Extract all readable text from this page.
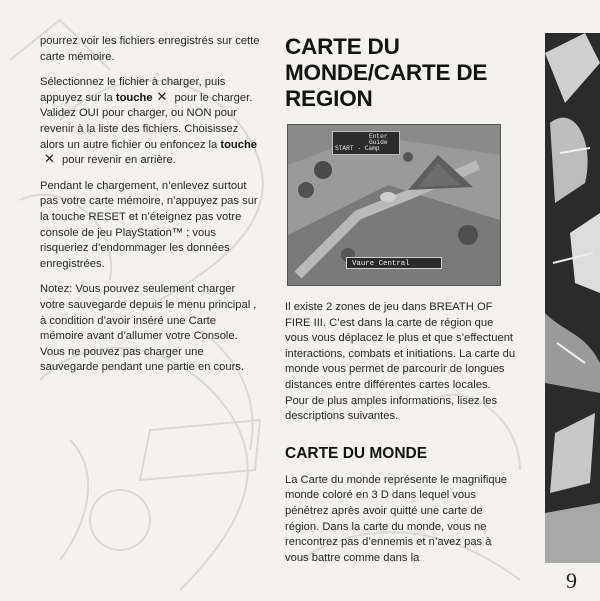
pourrez voir les fichiers enregistrés sur cette carte mémoire.

Sélectionnez le fichier à charger, puis appuyez sur la touche ✕ pour le charger. Validez OUI pour charger, ou NON pour revenir à la liste des fichiers. Choisissez alors un autre fichier ou enfoncez la touche✕ pour revenir en arrière.

Pendant le chargement, n’enlevez surtout pas votre carte mémoire, n’appuyez pas sur la touche RESET et n’éteignez pas votre console de jeu PlayStation™ : vous risqueriez d’endommager les données enregistrées.

Notez: Vous pouvez seulement charger votre sauvegarde depuis le menu principal , à condition d’avoir inséré une Carte mémoire avant d’allumer votre Console. Vous ne pouvez pas charger une sauvegarde pendant une partie en cours.

CARTE DU MONDE/CARTE DE REGION
Enter
Guide
START - Camp
Vaure Central

Il existe 2 zones de jeu dans BREATH OF FIRE III. C’est dans la carte de région que vous vous déplacez le plus et que s’effectuent interactions, combats et initiations. La carte du monde vous permet de parcourir de longues distances entre différentes cartes locales. Pour de plus amples informations, lisez les descriptions suivantes.

CARTE DU MONDE

La Carte du monde représente le magnifique monde coloré en 3 D dans lequel vous pénétrez après avoir quitté une carte de région. Dans la carte du monde, vous ne rencontrez pas d’ennemis et n’avez pas à vous battre comme dans la

9
